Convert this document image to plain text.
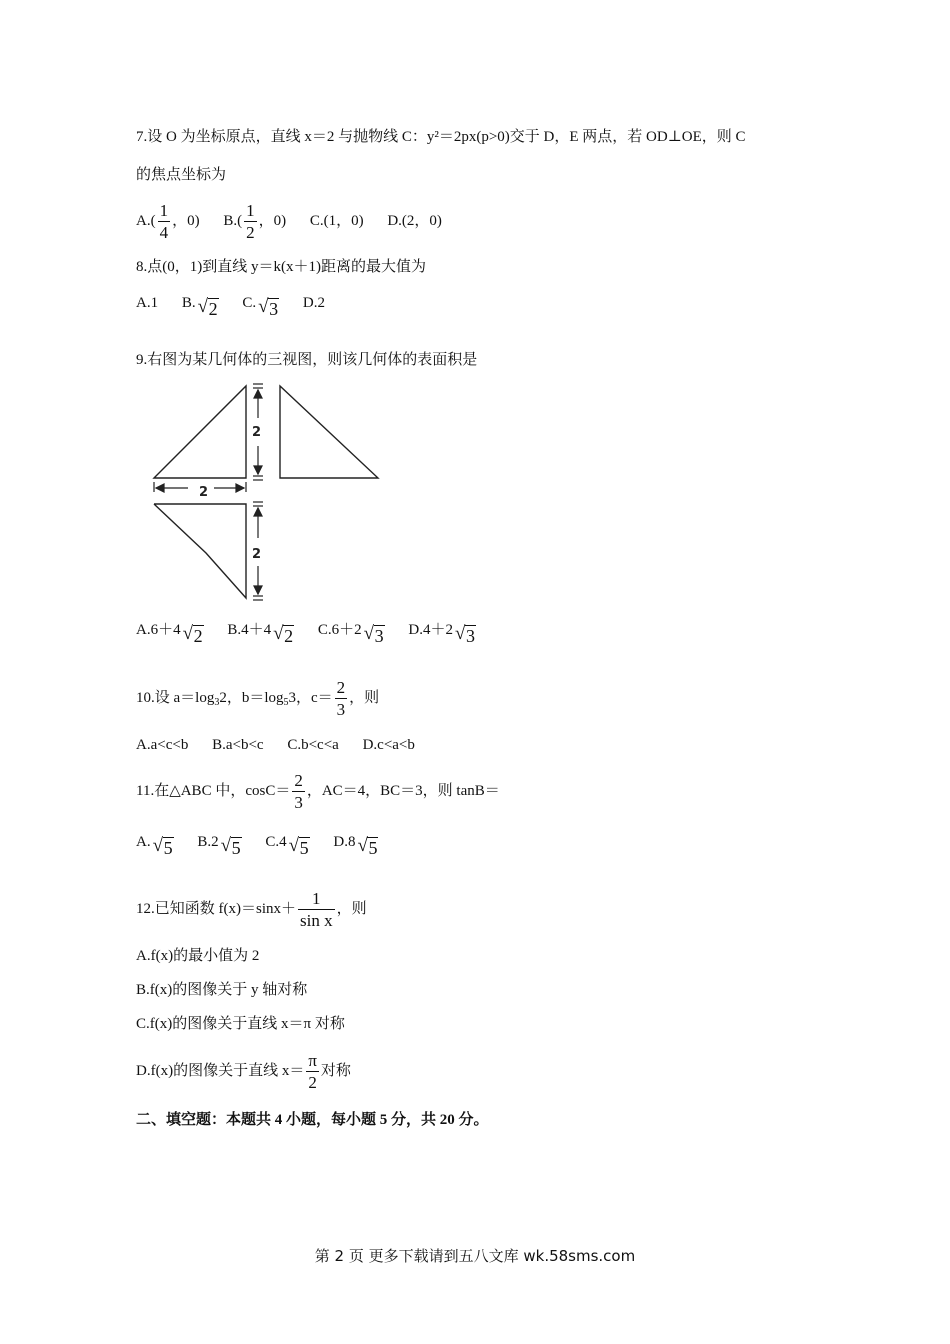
7.设 O 为坐标原点，直线 x＝2 与抛物线 C：y²＝2px(p>0)交于 D，E 两点，若 OD⊥OE，则 C
的焦点坐标为
$A.( \frac{1}{4}$ ，0) $B.( \frac{1}{2}$ ，0) C.(1，0) D.(2，0)
8.点(0，1)到直线 y＝k(x＋1)距离的最大值为
A.1 B. √ 2 C. √ 3 D.2
9.右图为某几何体的三视图，则该几何体的表面积是
2
2
2
A.6＋4 √ 2 B.4＋4 √ 2 C.6＋2 √ 3 D.4＋2 √ 3
10.设 $a=\log_32$，$b=\log_53$，$c= \frac{2}{3}$ ，则
A.a<c<b B.a<b<c C.b<c<a D.c<a<b
11.在△ABC 中，$\cos C= \frac{2}{3}$ ，AC＝4，BC＝3，则 tanB＝
A. √ 5 B.2 √ 5 C.4 √ 5 D.8 √ 5
12.已知函数 $f(x)=\sin x+ \frac{1}{\text{sin x}}$ ，则
A.f(x)的最小值为 2
B.f(x)的图像关于 y 轴对称
C.f(x)的图像关于直线 x＝π 对称
D.f(x)的图像关于直线 $x= \frac{\pi}{2}$ 对称
二、填空题：本题共 4 小题，每小题 5 分，共 20 分。
第 2 页 更多下载请到五八文库 wk.58sms.com
